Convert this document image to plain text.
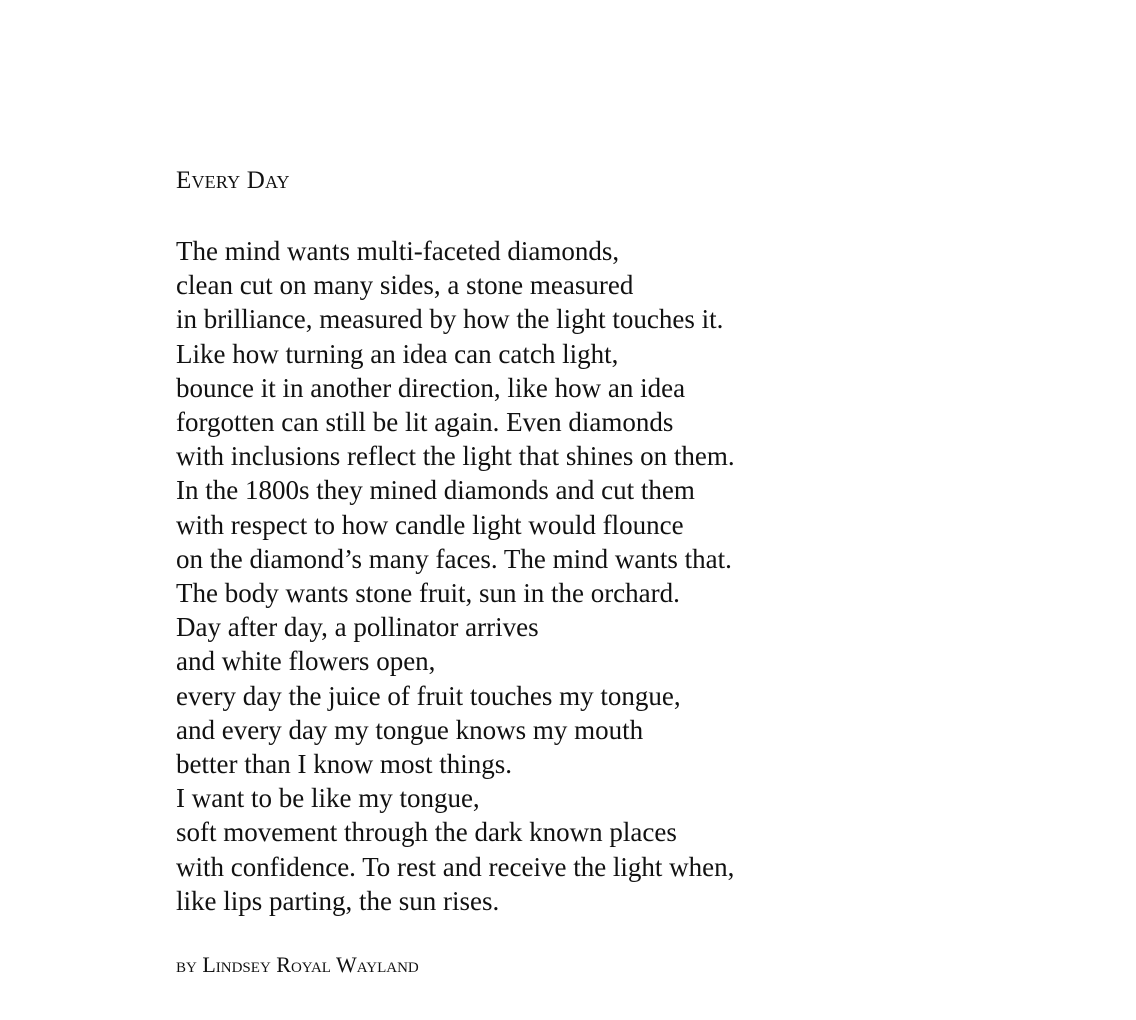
Every Day
The mind wants multi-faceted diamonds,
clean cut on many sides, a stone measured
in brilliance, measured by how the light touches it.
Like how turning an idea can catch light,
bounce it in another direction, like how an idea
forgotten can still be lit again. Even diamonds
with inclusions reflect the light that shines on them.
In the 1800s they mined diamonds and cut them
with respect to how candle light would flounce
on the diamond’s many faces. The mind wants that.
The body wants stone fruit, sun in the orchard.
Day after day, a pollinator arrives
and white flowers open,
every day the juice of fruit touches my tongue,
and every day my tongue knows my mouth
better than I know most things.
I want to be like my tongue,
soft movement through the dark known places
with confidence. To rest and receive the light when,
like lips parting, the sun rises.
by Lindsey Royal Wayland
